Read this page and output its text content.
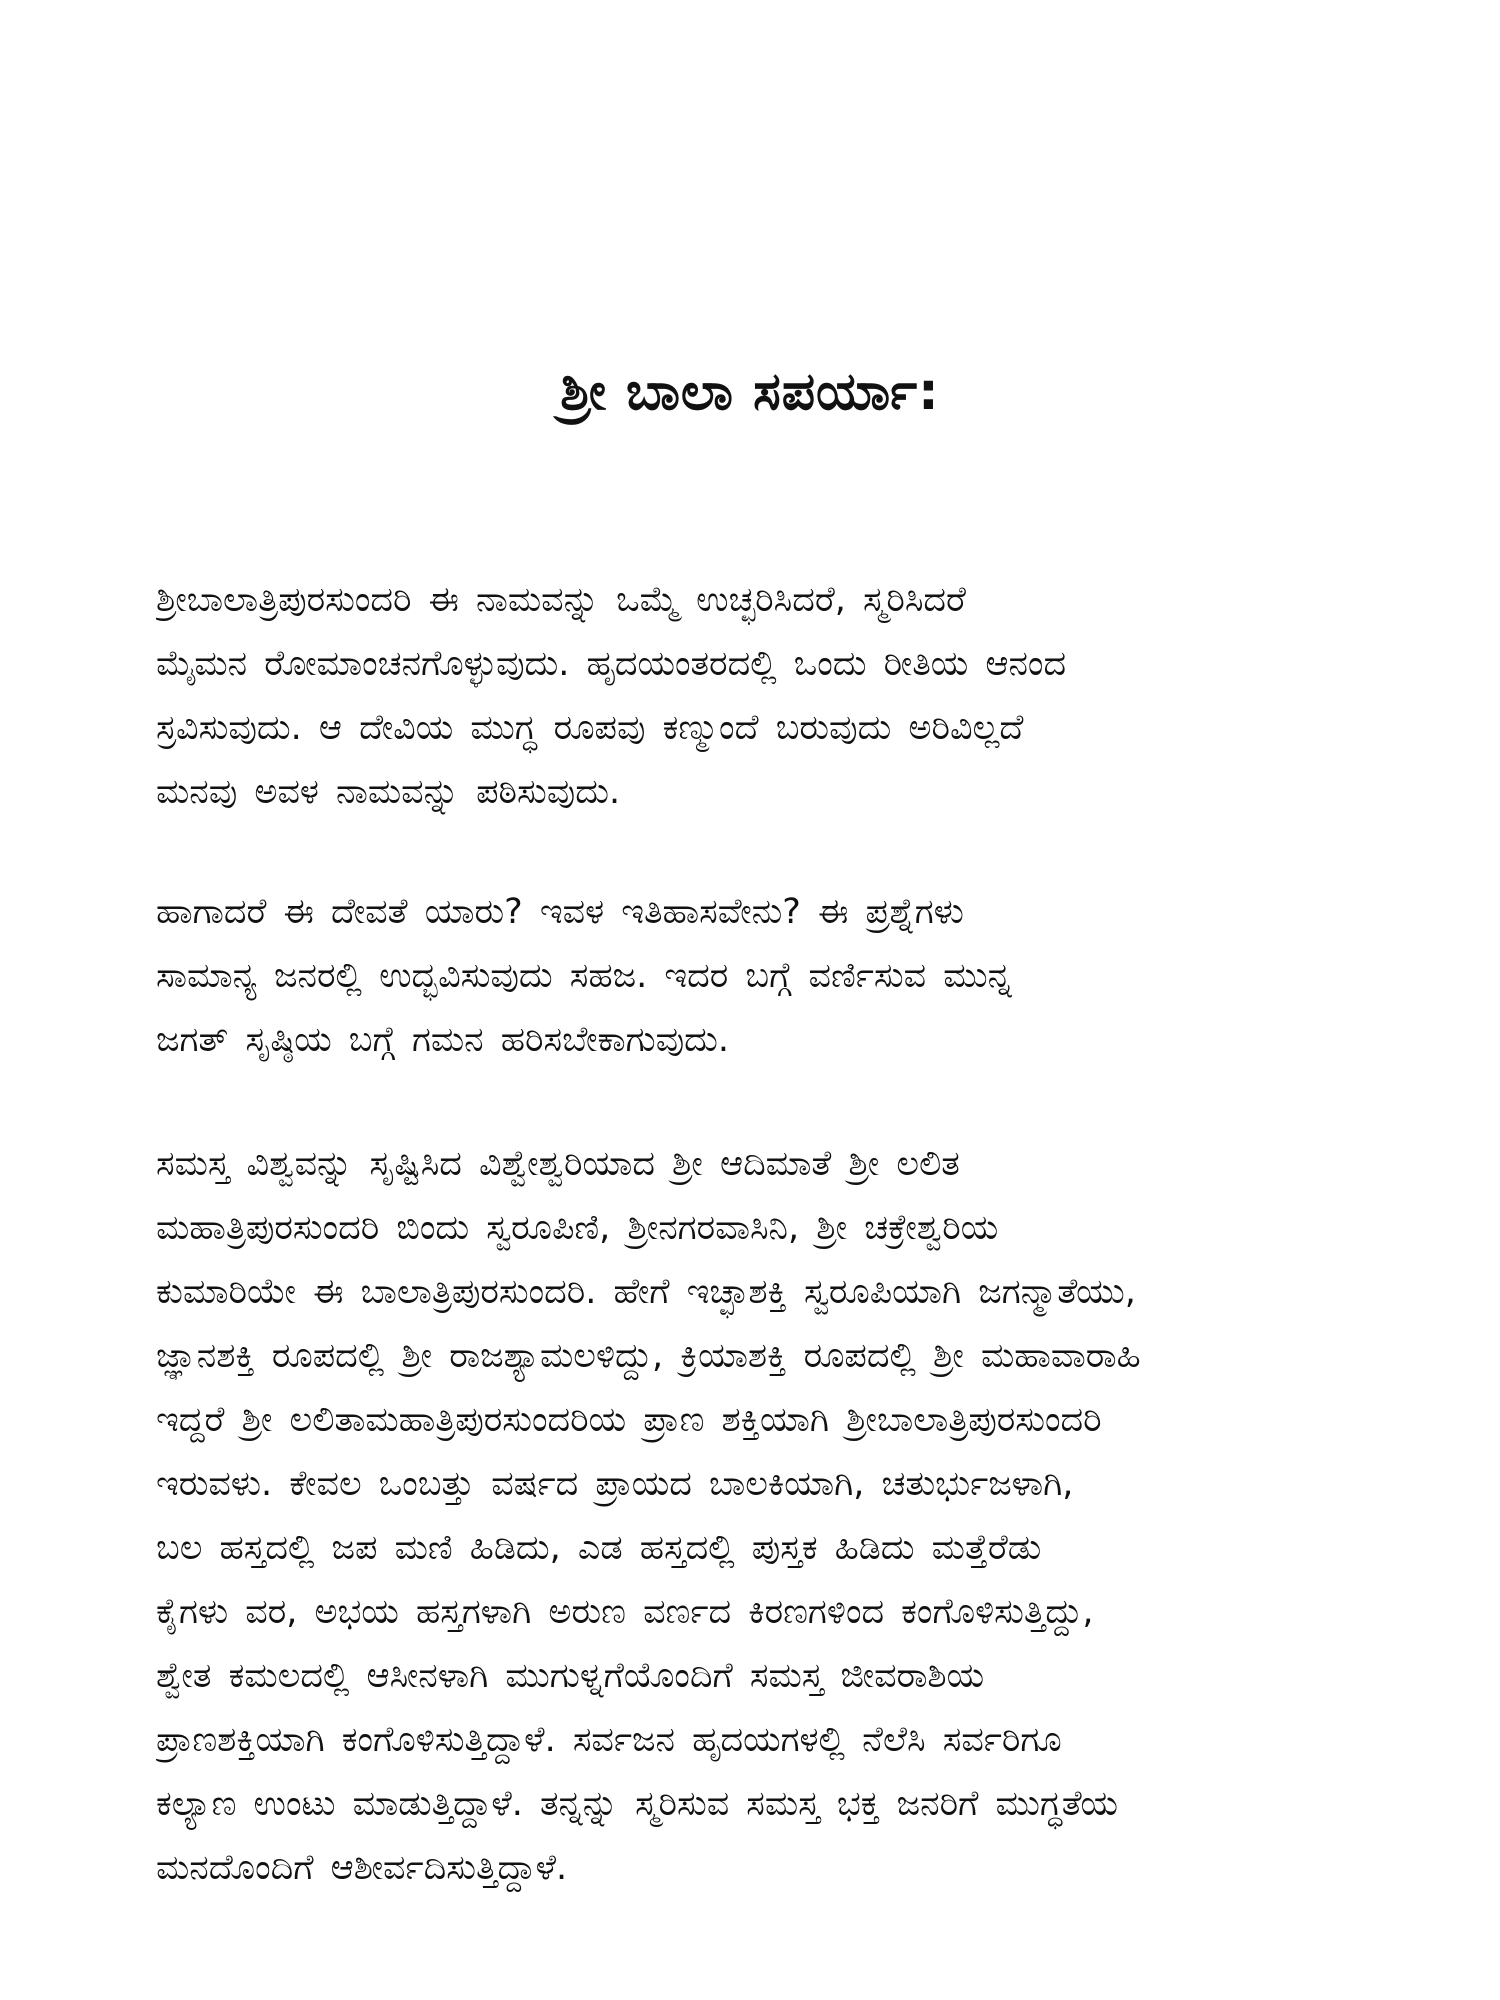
ಶ್ರೀ ಬಾಲಾ ಸಪರ್ಯಾ:
ಶ್ರೀಬಾಲಾತ್ರಿಪುರಸುಂದರಿ ಈ ನಾಮವನ್ನು ಒಮ್ಮೆ ಉಚ್ಛರಿಸಿದರೆ, ಸ್ಮರಿಸಿದರೆ
ಮೈಮನ ರೋಮಾಂಚನಗೊಳ್ಳುವುದು. ಹೃದಯಂತರದಲ್ಲಿ ಒಂದು ರೀತಿಯ ಆನಂದ
ಸ್ರವಿಸುವುದು. ಆ ದೇವಿಯ ಮುಗ್ಧ ರೂಪವು ಕಣ್ಮುಂದೆ ಬರುವುದು ಅರಿವಿಲ್ಲದೆ
ಮನವು ಅವಳ ನಾಮವನ್ನು ಪಠಿಸುವುದು.
ಹಾಗಾದರೆ ಈ ದೇವತೆ ಯಾರು? ಇವಳ ಇತಿಹಾಸವೇನು? ಈ ಪ್ರಶ್ನೆಗಳು
ಸಾಮಾನ್ಯ ಜನರಲ್ಲಿ ಉದ್ಭವಿಸುವುದು ಸಹಜ. ಇದರ ಬಗ್ಗೆ ವರ್ಣಿಸುವ ಮುನ್ನ
ಜಗತ್ ಸೃಷ್ಠಿಯ ಬಗ್ಗೆ ಗಮನ ಹರಿಸಬೇಕಾಗುವುದು.
ಸಮಸ್ತ ವಿಶ್ವವನ್ನು ಸೃಷ್ಟಿಸಿದ ವಿಶ್ವೇಶ್ವರಿಯಾದ ಶ್ರೀ ಆದಿಮಾತೆ ಶ್ರೀ ಲಲಿತ
ಮಹಾತ್ರಿಪುರಸುಂದರಿ ಬಿಂದು ಸ್ವರೂಪಿಣಿ, ಶ್ರೀನಗರವಾಸಿನಿ, ಶ್ರೀ ಚಕ್ರೇಶ್ವರಿಯ
ಕುಮಾರಿಯೇ ಈ ಬಾಲಾತ್ರಿಪುರಸುಂದರಿ. ಹೇಗೆ ಇಚ್ಛಾಶಕ್ತಿ ಸ್ವರೂಪಿಯಾಗಿ ಜಗನ್ಮಾತೆಯು,
ಜ್ಞಾನಶಕ್ತಿ ರೂಪದಲ್ಲಿ ಶ್ರೀ ರಾಜಶ್ಯಾಮಲಳಿದ್ದು, ಕ್ರಿಯಾಶಕ್ತಿ ರೂಪದಲ್ಲಿ ಶ್ರೀ ಮಹಾವಾರಾಹಿ
ಇದ್ದರೆ ಶ್ರೀ ಲಲಿತಾಮಹಾತ್ರಿಪುರಸುಂದರಿಯ ಪ್ರಾಣ ಶಕ್ತಿಯಾಗಿ ಶ್ರೀಬಾಲಾತ್ರಿಪುರಸುಂದರಿ
ಇರುವಳು. ಕೇವಲ ಒಂಬತ್ತು ವರ್ಷದ ಪ್ರಾಯದ ಬಾಲಕಿಯಾಗಿ, ಚತುರ್ಭುಜಳಾಗಿ,
ಬಲ ಹಸ್ತದಲ್ಲಿ ಜಪ ಮಣಿ ಹಿಡಿದು, ಎಡ ಹಸ್ತದಲ್ಲಿ ಪುಸ್ತಕ ಹಿಡಿದು ಮತ್ತೆರೆಡು
ಕೈಗಳು ವರ, ಅಭಯ ಹಸ್ತಗಳಾಗಿ ಅರುಣ ವರ್ಣದ ಕಿರಣಗಳಿಂದ ಕಂಗೊಳಿಸುತ್ತಿದ್ದು,
ಶ್ವೇತ ಕಮಲದಲ್ಲಿ ಆಸೀನಳಾಗಿ ಮುಗುಳ್ನಗೆಯೊಂದಿಗೆ ಸಮಸ್ತ ಜೀವರಾಶಿಯ
ಪ್ರಾಣಶಕ್ತಿಯಾಗಿ ಕಂಗೊಳಿಸುತ್ತಿದ್ದಾಳೆ. ಸರ್ವಜನ ಹೃದಯಗಳಲ್ಲಿ ನೆಲೆಸಿ ಸರ್ವರಿಗೂ
ಕಲ್ಯಾಣ ಉಂಟು ಮಾಡುತ್ತಿದ್ದಾಳೆ. ತನ್ನನ್ನು ಸ್ಮರಿಸುವ ಸಮಸ್ತ ಭಕ್ತ ಜನರಿಗೆ ಮುಗ್ಧತೆಯ
ಮನದೊಂದಿಗೆ ಆಶೀರ್ವದಿಸುತ್ತಿದ್ದಾಳೆ.
